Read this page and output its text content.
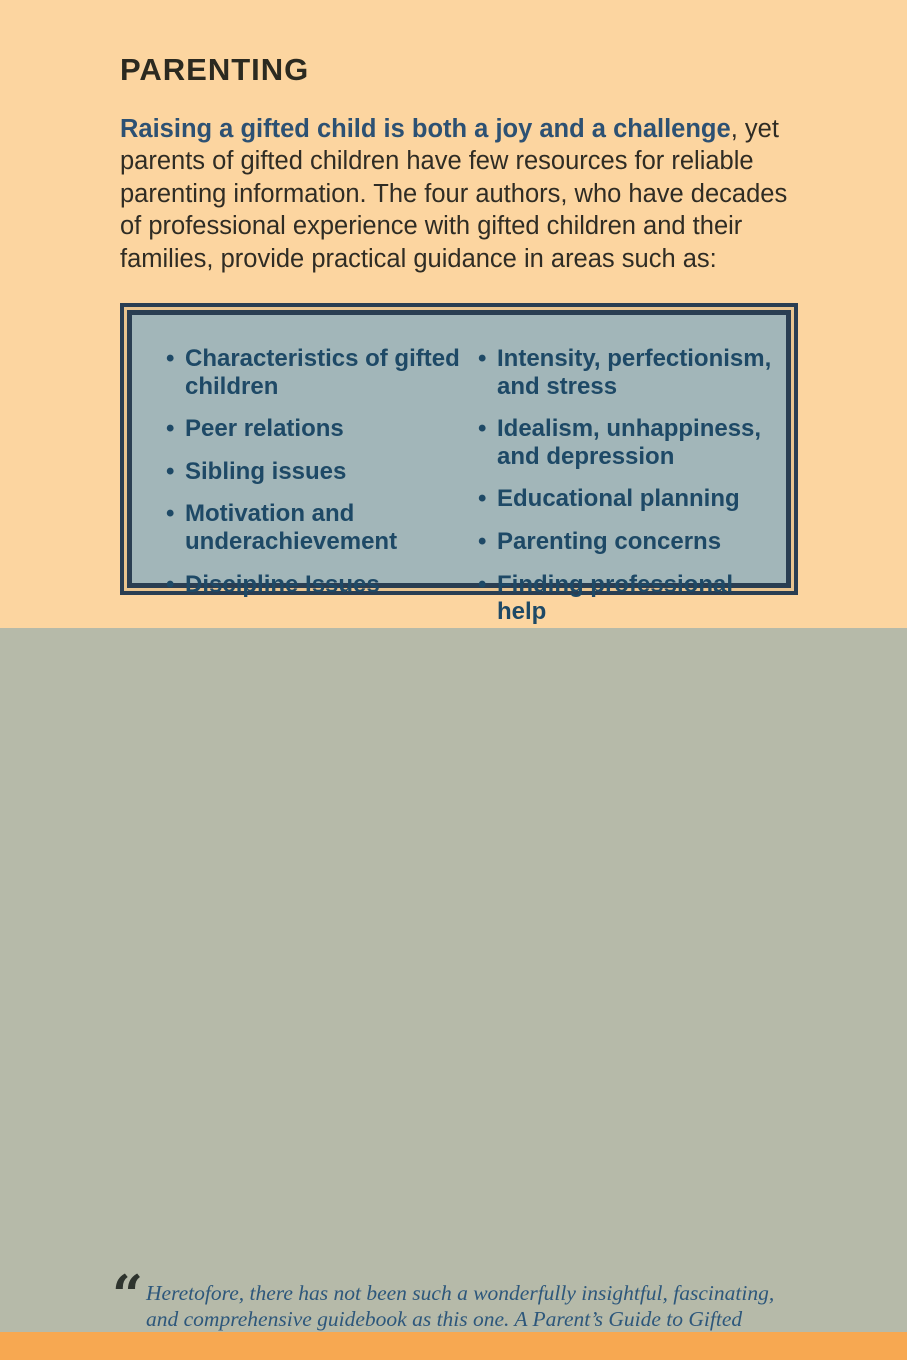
PARENTING
Raising a gifted child is both a joy and a challenge, yet parents of gifted children have few resources for reliable parenting information. The four authors, who have decades of professional experience with gifted children and their families, provide practical guidance in areas such as:
• Characteristics of gifted children
• Peer relations
• Sibling issues
• Motivation and underachievement
• Discipline Issues
• Intensity, perfectionism, and stress
• Idealism, unhappiness, and depression
• Educational planning
• Parenting concerns
• Finding professional help

“ Heretofore, there has not been such a wonderfully insightful, fascinating, and comprehensive guidebook as this one. A Parent’s Guide to Gifted
